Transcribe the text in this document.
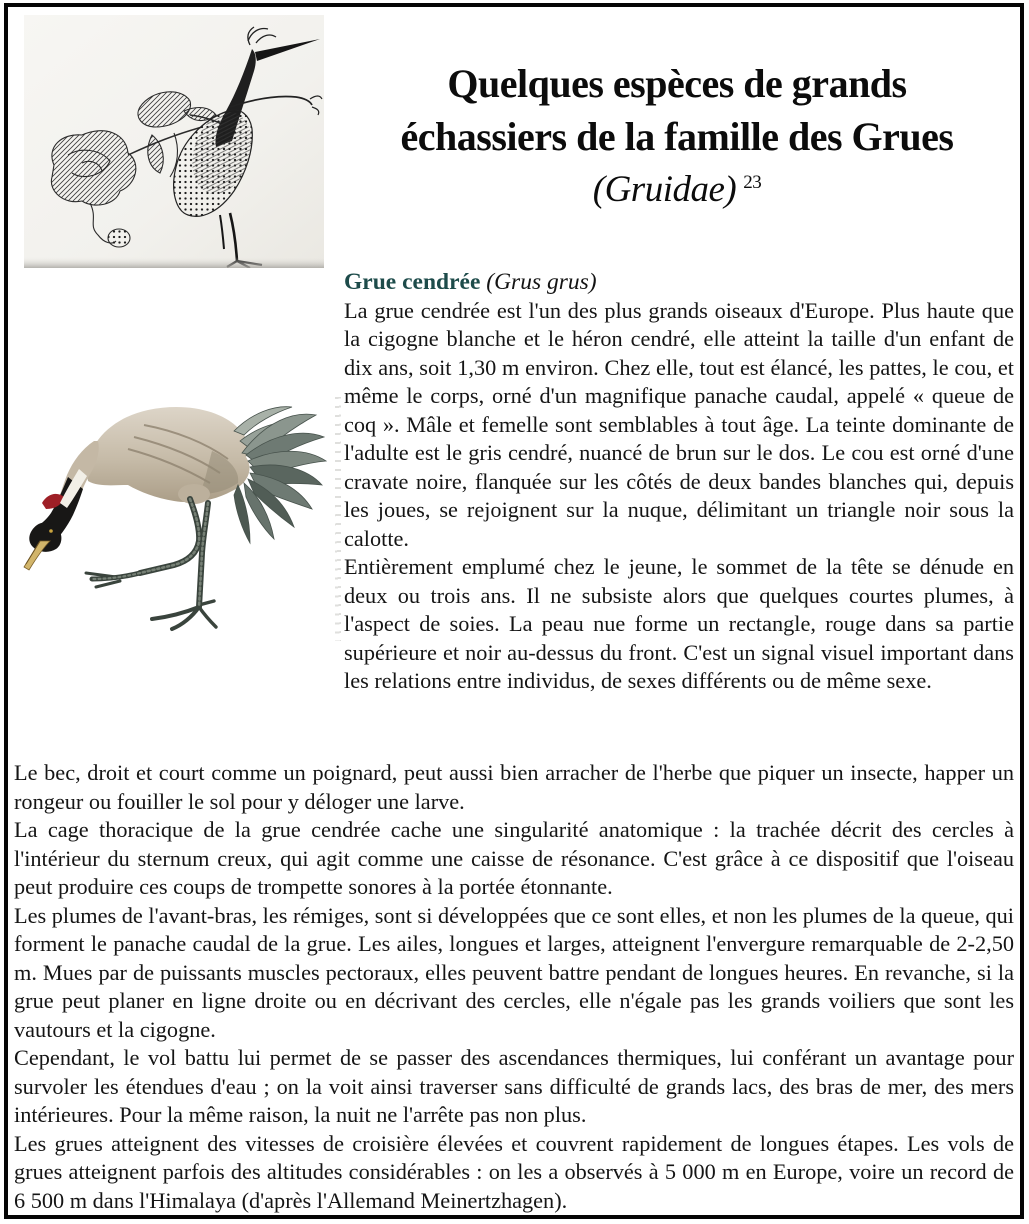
Quelques espèces de grands
échassiers de la famille des Grues
(Gruidae) $^{23}$
Grue cendrée (Grus grus)

La grue cendrée est l'un des plus grands oiseaux d'Europe. Plus haute que la cigogne blanche et le héron cendré, elle atteint la taille d'un enfant de dix ans, soit 1,30 m environ. Chez elle, tout est élancé, les pattes, le cou, et même le corps, orné d'un magnifique panache caudal, appelé « queue de coq ». Mâle et femelle sont semblables à tout âge. La teinte dominante de l'adulte est le gris cendré, nuancé de brun sur le dos. Le cou est orné d'une cravate noire, flanquée sur les côtés de deux bandes blanches qui, depuis les joues, se rejoignent sur la nuque, délimitant un triangle noir sous la calotte.

Entièrement emplumé chez le jeune, le sommet de la tête se dénude en deux ou trois ans. Il ne subsiste alors que quelques courtes plumes, à l'aspect de soies. La peau nue forme un rectangle, rouge dans sa partie supérieure et noir au-dessus du front. C'est un signal visuel important dans les relations entre individus, de sexes différents ou de même sexe.

Le bec, droit et court comme un poignard, peut aussi bien arracher de l'herbe que piquer un insecte, happer un rongeur ou fouiller le sol pour y déloger une larve.

La cage thoracique de la grue cendrée cache une singularité anatomique : la trachée décrit des cercles à l'intérieur du sternum creux, qui agit comme une caisse de résonance. C'est grâce à ce dispositif que l'oiseau peut produire ces coups de trompette sonores à la portée étonnante.

Les plumes de l'avant-bras, les rémiges, sont si développées que ce sont elles, et non les plumes de la queue, qui forment le panache caudal de la grue. Les ailes, longues et larges, atteignent l'envergure remarquable de 2-2,50 m. Mues par de puissants muscles pectoraux, elles peuvent battre pendant de longues heures. En revanche, si la grue peut planer en ligne droite ou en décrivant des cercles, elle n'égale pas les grands voiliers que sont les vautours et la cigogne.

Cependant, le vol battu lui permet de se passer des ascendances thermiques, lui conférant un avantage pour survoler les étendues d'eau ; on la voit ainsi traverser sans difficulté de grands lacs, des bras de mer, des mers intérieures. Pour la même raison, la nuit ne l'arrête pas non plus.

Les grues atteignent des vitesses de croisière élevées et couvrent rapidement de longues étapes. Les vols de grues atteignent parfois des altitudes considérables : on les a observés à 5 000 m en Europe, voire un record de 6 500 m dans l'Himalaya (d'après l'Allemand Meinertzhagen).
